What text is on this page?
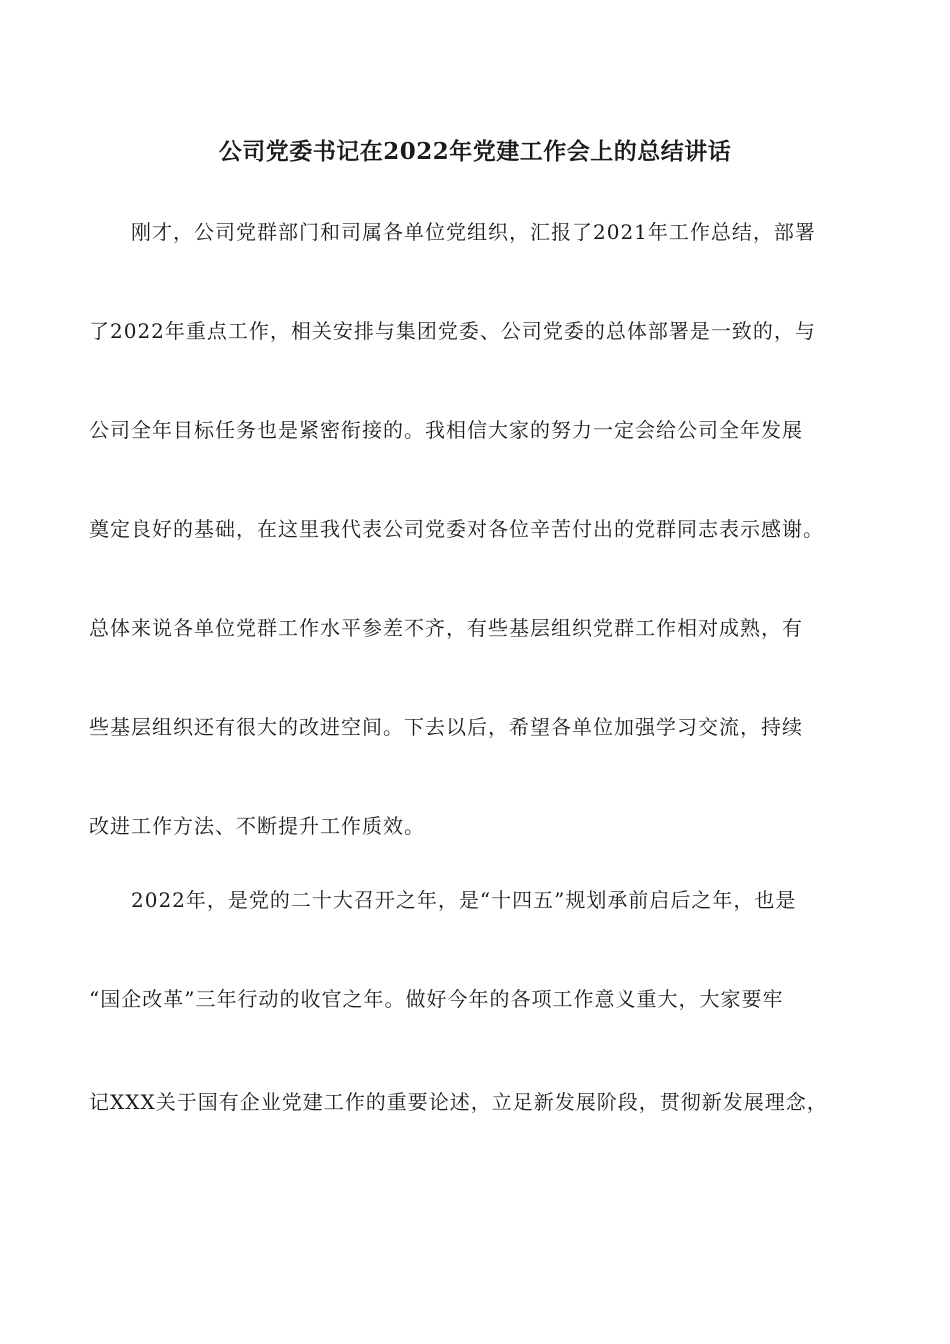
公司党委书记在2022年党建工作会上的总结讲话
刚才，公司党群部门和司属各单位党组织，汇报了2021年工作总结，部署
了2022年重点工作，相关安排与集团党委、公司党委的总体部署是一致的，与
公司全年目标任务也是紧密衔接的。我相信大家的努力一定会给公司全年发展
奠定良好的基础，在这里我代表公司党委对各位辛苦付出的党群同志表示感谢。
总体来说各单位党群工作水平参差不齐，有些基层组织党群工作相对成熟，有
些基层组织还有很大的改进空间。下去以后，希望各单位加强学习交流，持续
改进工作方法、不断提升工作质效。
2022年，是党的二十大召开之年，是“十四五”规划承前启后之年，也是
“国企改革”三年行动的收官之年。做好今年的各项工作意义重大，大家要牢
记XXX关于国有企业党建工作的重要论述，立足新发展阶段，贯彻新发展理念，
